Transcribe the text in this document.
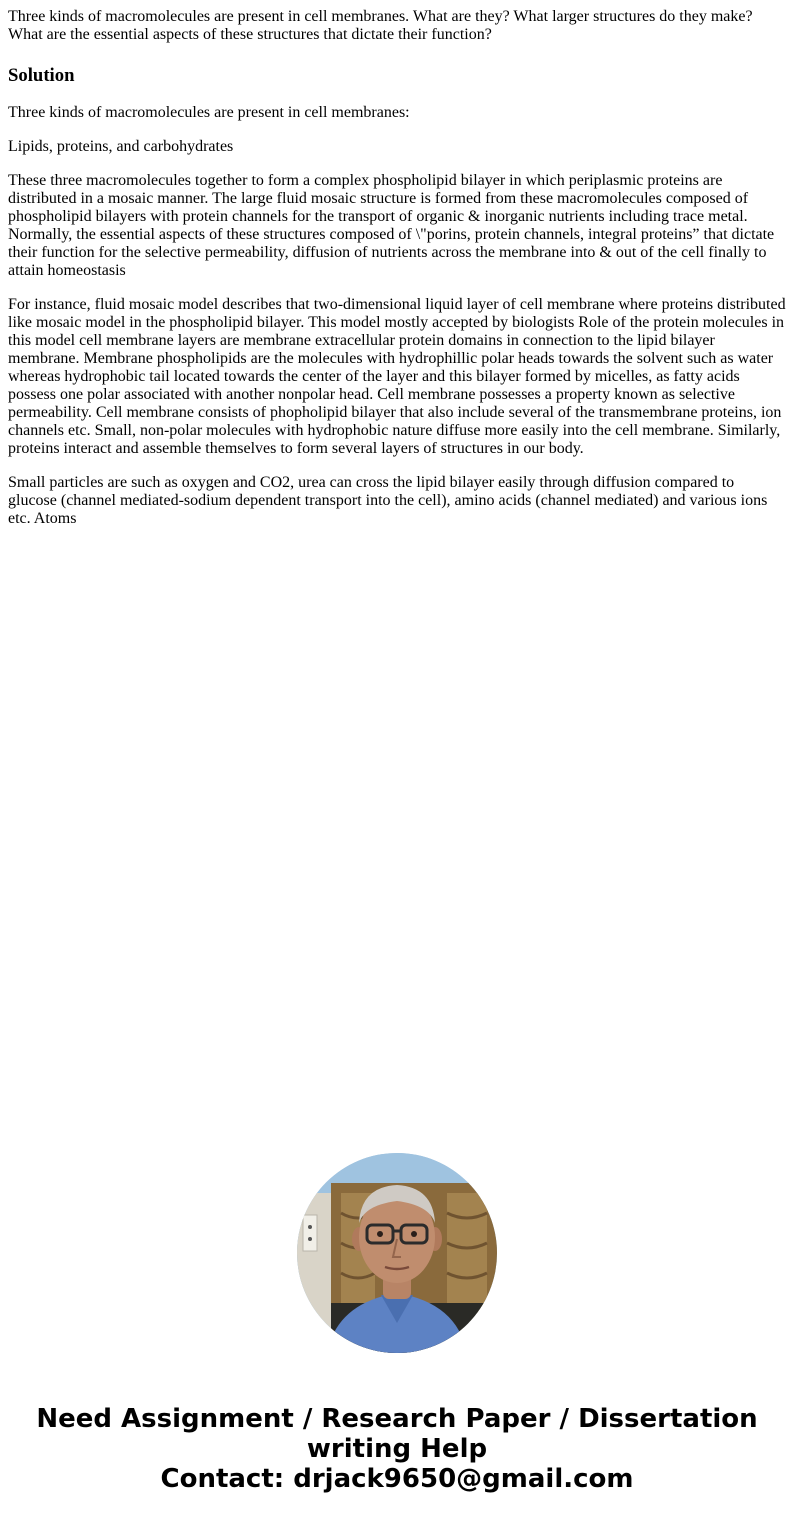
Three kinds of macromolecules are present in cell membranes. What are they? What larger structures do they make? What are the essential aspects of these structures that dictate their function?

Solution

Three kinds of macromolecules are present in cell membranes:

Lipids, proteins, and carbohydrates

These three macromolecules together to form a complex phospholipid bilayer in which periplasmic proteins are distributed in a mosaic manner. The large fluid mosaic structure is formed from these macromolecules composed of phospholipid bilayers with protein channels for the transport of organic & inorganic nutrients including trace metal. Normally, the essential aspects of these structures composed of \"porins, protein channels, integral proteins” that dictate their function for the selective permeability, diffusion of nutrients across the membrane into & out of the cell finally to attain homeostasis

For instance, fluid mosaic model describes that two-dimensional liquid layer of cell membrane where proteins distributed like mosaic model in the phospholipid bilayer. This model mostly accepted by biologists Role of the protein molecules in this model cell membrane layers are membrane extracellular protein domains in connection to the lipid bilayer membrane. Membrane phospholipids are the molecules with hydrophillic polar heads towards the solvent such as water whereas hydrophobic tail located towards the center of the layer and this bilayer formed by micelles, as fatty acids possess one polar associated with another nonpolar head. Cell membrane possesses a property known as selective permeability. Cell membrane consists of phopholipid bilayer that also include several of the transmembrane proteins, ion channels etc. Small, non-polar molecules with hydrophobic nature diffuse more easily into the cell membrane. Similarly, proteins interact and assemble themselves to form several layers of structures in our body.

Small particles are such as oxygen and CO2, urea can cross the lipid bilayer easily through diffusion compared to glucose (channel mediated-sodium dependent transport into the cell), amino acids (channel mediated) and various ions etc. Atoms

Need Assignment / Research Paper / Dissertation
writing Help
Contact: drjack9650@gmail.com
